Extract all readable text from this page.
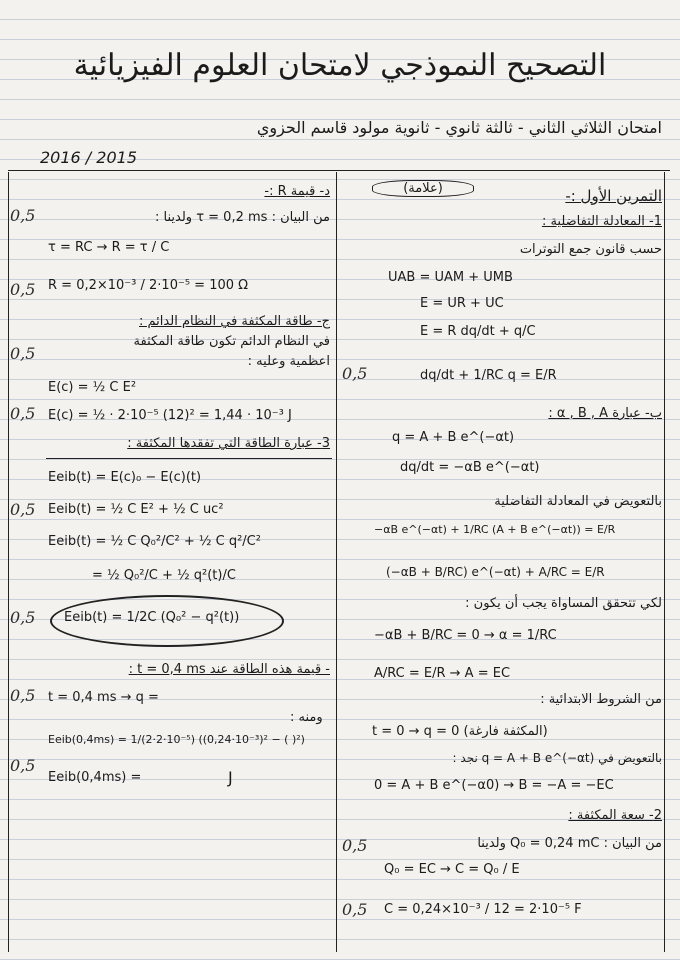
التصحيح النموذجي لامتحان العلوم الفيزيائية
امتحان الثلاثي الثاني - ثالثة ثانوي - ثانوية مولود قاسم الحزوي
2016 / 2015
0,5
0,5
0,5
0,5
0,5
0,5
0,5
0,5
0,5
0,5
0,5
(علامة)
د- قيمة R :-
من البيان : τ = 0,2 ms ولدينا :
τ = RC → R = τ / C
R = 0,2×10⁻³ / 2·10⁻⁵ = 100 Ω
ج- طاقة المكثفة في النظام الدائم :
في النظام الدائم تكون طاقة المكثفة
اعظمية وعليه :
E(c) = ½ C E²
E(c) = ½ · 2·10⁻⁵ (12)² = 1,44 · 10⁻³ J
3- عبارة الطاقة التي تفقدها المكثفة :
Eeib(t) = E(c)₀ − E(c)(t)
Eeib(t) = ½ C E² + ½ C uc²
Eeib(t) = ½ C Q₀²/C² + ½ C q²/C²
= ½ Q₀²/C + ½ q²(t)/C
Eeib(t) = 1/2C (Q₀² − q²(t))
- قيمة هذه الطاقة عند t = 0,4 ms :
t = 0,4 ms → q =
ومنه :
Eeib(0,4ms) = 1/(2·2·10⁻⁵) ((0,24·10⁻³)² − ( )²)
Eeib(0,4ms) =	J
التمرين الأول :-
1- المعادلة التفاضلية :
حسب قانون جمع التوترات
UAB = UAM + UMB
E = UR + UC
E = R dq/dt + q/C
dq/dt + 1/RC q = E/R
ب- عبارة α , B , A :
q = A + B e^(−αt)
dq/dt = −αB e^(−αt)
بالتعويض في المعادلة التفاضلية
−αB e^(−αt) + 1/RC (A + B e^(−αt)) = E/R
(−αB + B/RC) e^(−αt) + A/RC = E/R
لكي تتحقق المساواة يجب أن يكون :
−αB + B/RC = 0 → α = 1/RC
A/RC = E/R → A = EC
من الشروط الابتدائية :
t = 0 → q = 0 (المكثفة فارغة)
بالتعويض في q = A + B e^(−αt) نجد :
0 = A + B e^(−α0) → B = −A = −EC
2- سعة المكثفة :
من البيان : Q₀ = 0,24 mC ولدينا
Q₀ = EC → C = Q₀ / E
C = 0,24×10⁻³ / 12 = 2·10⁻⁵ F
